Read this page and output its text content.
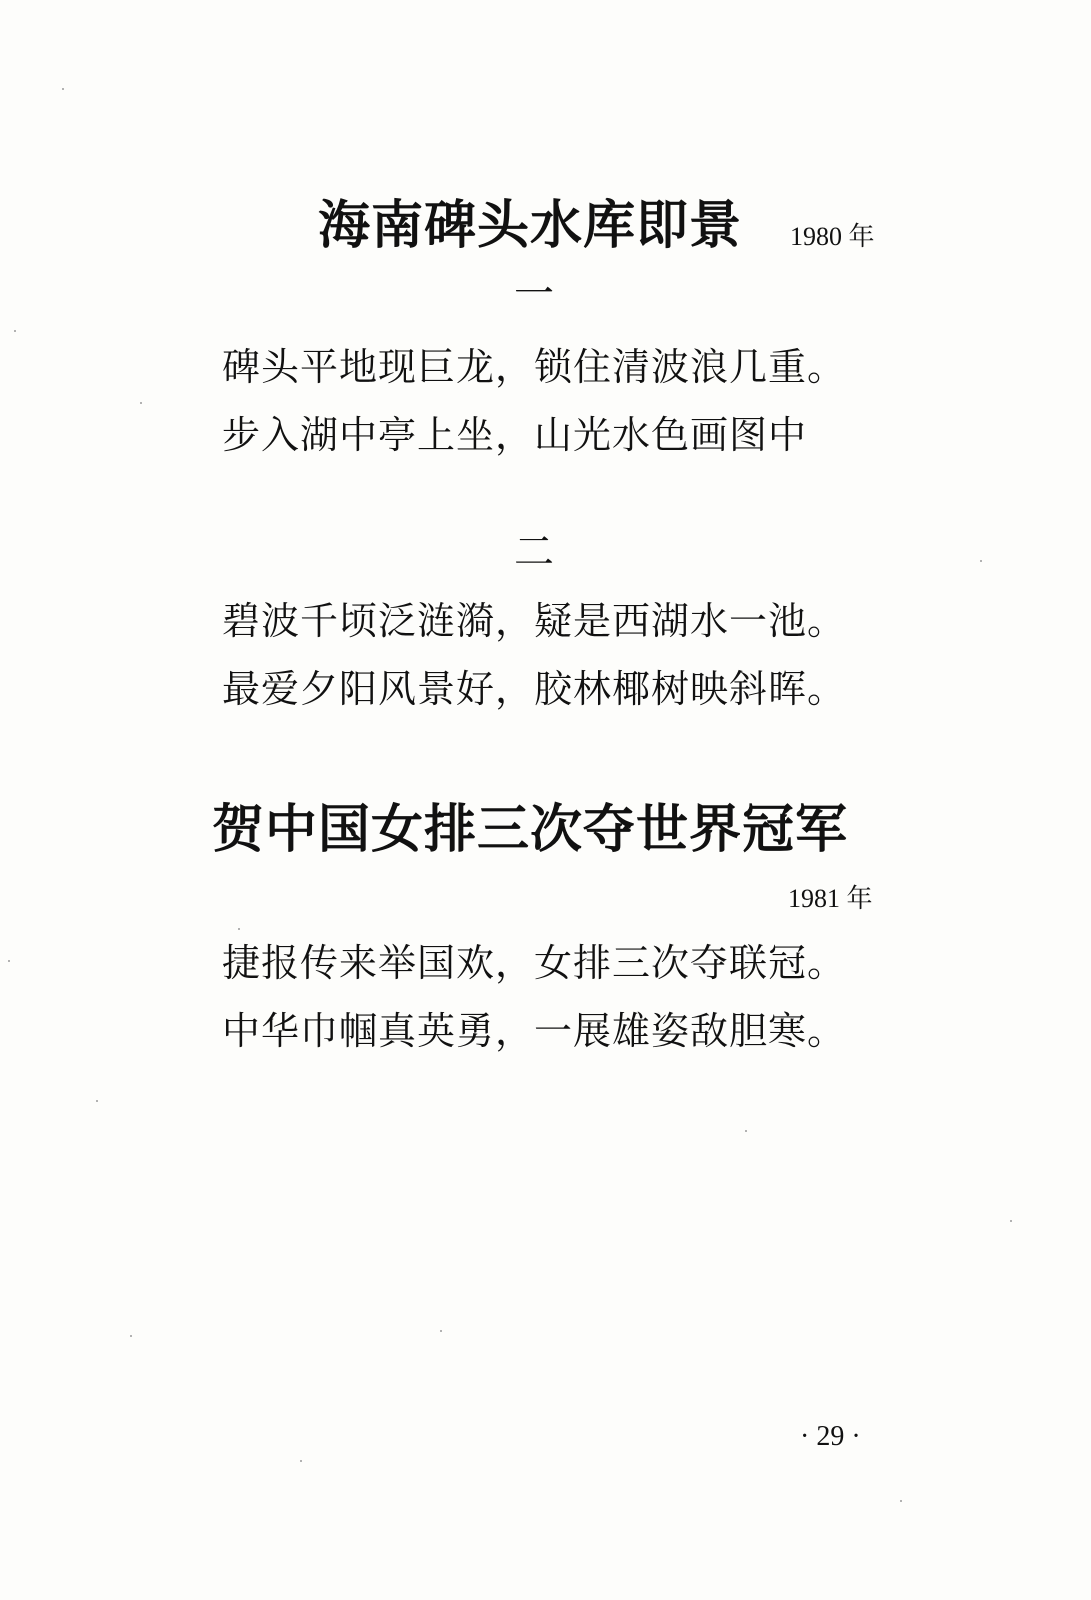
海南碑头水库即景 1980 年
一
碑头平地现巨龙，锁住清波浪几重。
步入湖中亭上坐，山光水色画图中
二
碧波千顷泛涟漪，疑是西湖水一池。
最爱夕阳风景好，胶林椰树映斜晖。
贺中国女排三次夺世界冠军
1981 年
捷报传来举国欢，女排三次夺联冠。
中华巾帼真英勇，一展雄姿敌胆寒。
· 29 ·
